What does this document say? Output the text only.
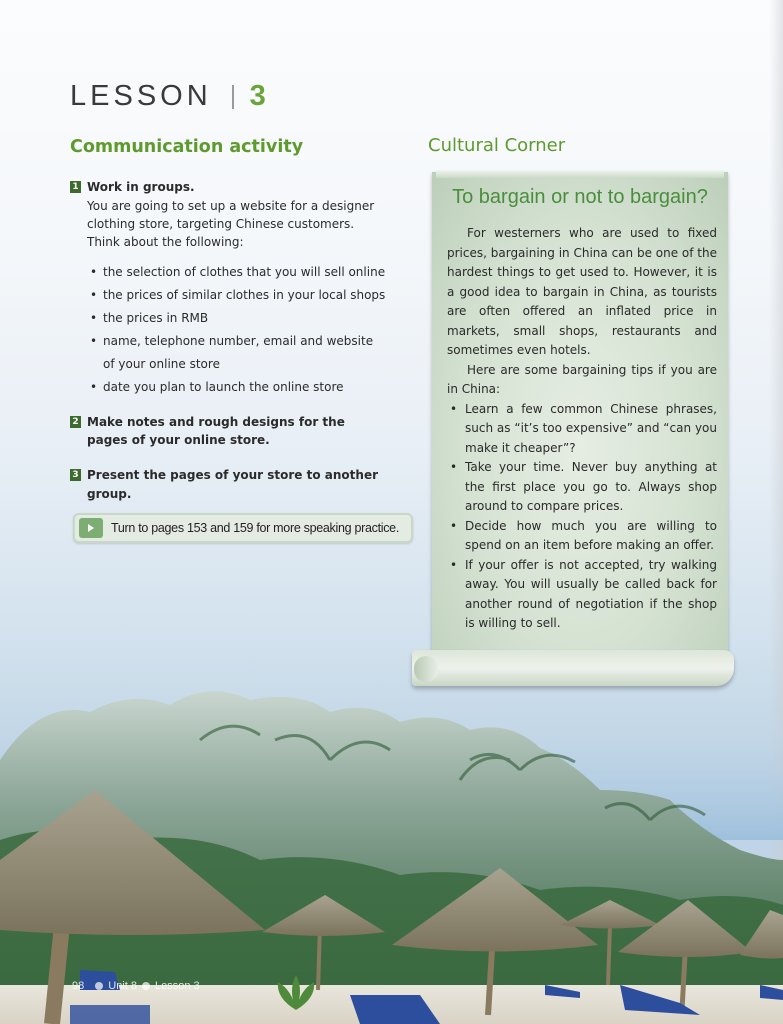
LESSON 3
Communication activity	Cultural Corner
1 Work in groups.
You are going to set up a website for a designer clothing store, targeting Chinese customers. Think about the following:
• the selection of clothes that you will sell online
• the prices of similar clothes in your local shops
• the prices in RMB
• name, telephone number, email and website
of your online store
• date you plan to launch the online store
2 Make notes and rough designs for the pages of your online store.
3 Present the pages of your store to another group.
Turn to pages 153 and 159 for more speaking practice.
To bargain or not to bargain?

For westerners who are used to fixed prices, bargaining in China can be one of the hardest things to get used to. However, it is a good idea to bargain in China, as tourists are often offered an inflated price in markets, small shops, restaurants and sometimes even hotels.

Here are some bargaining tips if you are in China:

• Learn a few common Chinese phrases, such as “it’s too expensive” and “can you make it cheaper”?
• Take your time. Never buy anything at the first place you go to. Always shop around to compare prices.
• Decide how much you are willing to spend on an item before making an offer.
• If your offer is not accepted, try walking away. You will usually be called back for another round of negotiation if the shop is willing to sell.
98 Unit 8 Lesson 3
